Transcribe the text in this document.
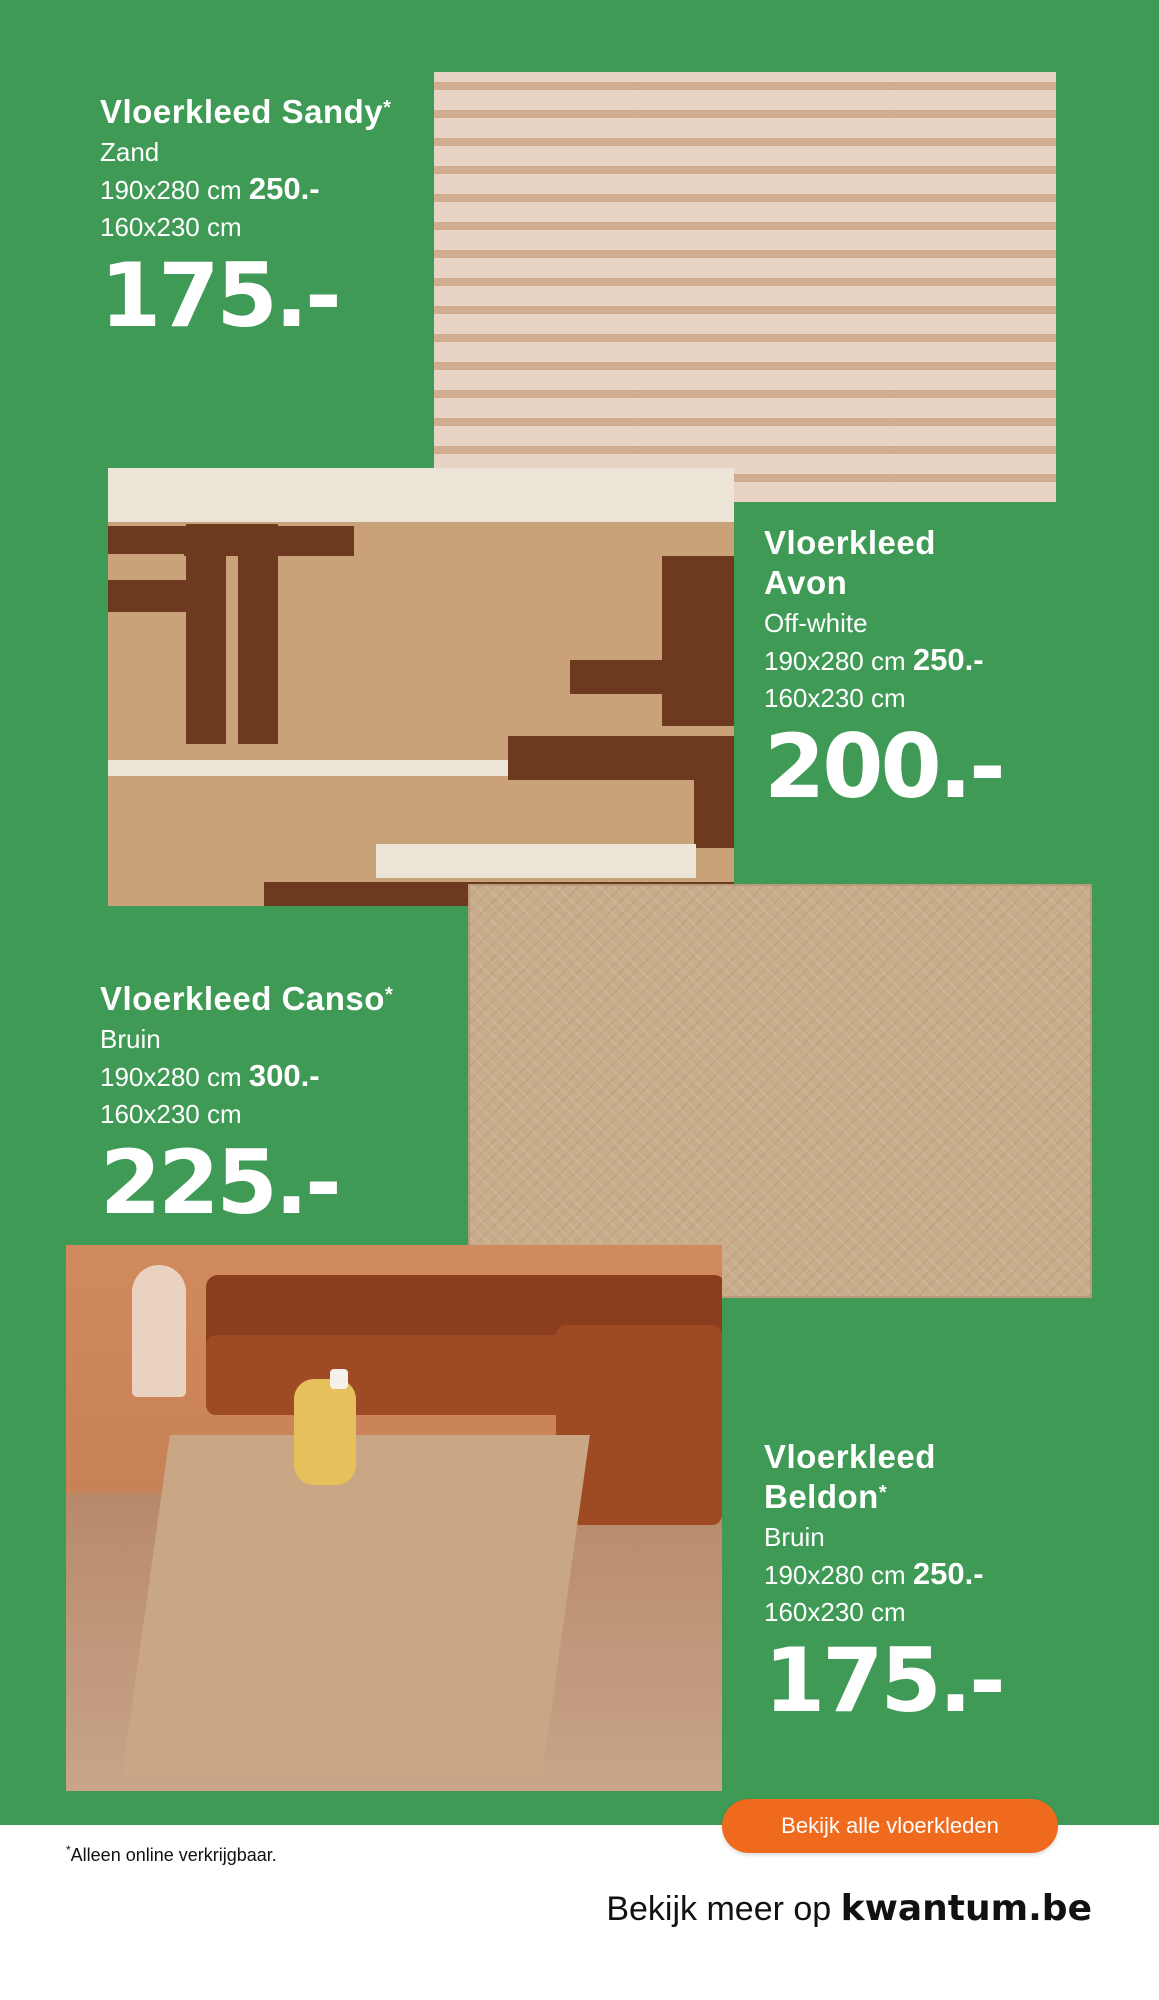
Vloerkleed Sandy*
Zand
190x280 cm 250.-
160x230 cm
175.-
Vloerkleed
Avon
Off-white
190x280 cm 250.-
160x230 cm
200.-
Vloerkleed Canso*
Bruin
190x280 cm 300.-
160x230 cm
225.-
Vloerkleed
Beldon*
Bruin
190x280 cm 250.-
160x230 cm
175.-
Bekijk alle vloerkleden
*Alleen online verkrijgbaar.
Bekijk meer op kwantum.be
